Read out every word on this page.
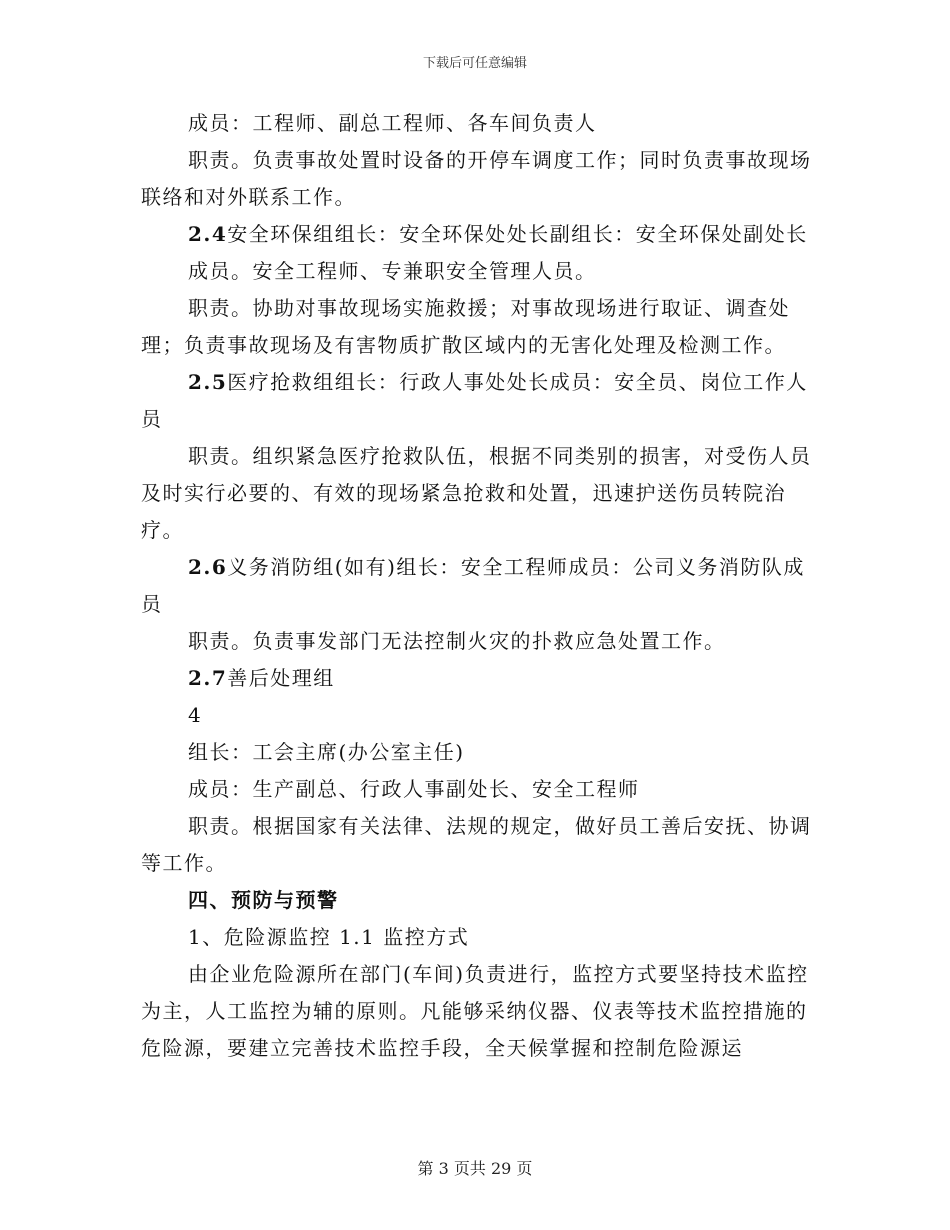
下载后可任意编辑

成员：工程师、副总工程师、各车间负责人

职责。负责事故处置时设备的开停车调度工作；同时负责事故现场联络和对外联系工作。

2.4安全环保组组长：安全环保处处长副组长：安全环保处副处长

成员。安全工程师、专兼职安全管理人员。

职责。协助对事故现场实施救援；对事故现场进行取证、调查处理；负责事故现场及有害物质扩散区域内的无害化处理及检测工作。

2.5医疗抢救组组长：行政人事处处长成员：安全员、岗位工作人员

职责。组织紧急医疗抢救队伍，根据不同类别的损害，对受伤人员及时实行必要的、有效的现场紧急抢救和处置，迅速护送伤员转院治疗。

2.6义务消防组(如有)组长：安全工程师成员：公司义务消防队成员

职责。负责事发部门无法控制火灾的扑救应急处置工作。

2.7善后处理组

4

组长：工会主席(办公室主任)

成员：生产副总、行政人事副处长、安全工程师

职责。根据国家有关法律、法规的规定，做好员工善后安抚、协调等工作。

四、预防与预警

1、危险源监控 1.1 监控方式

由企业危险源所在部门(车间)负责进行，监控方式要坚持技术监控为主，人工监控为辅的原则。凡能够采纳仪器、仪表等技术监控措施的危险源，要建立完善技术监控手段，全天候掌握和控制危险源运

第 3 页共 29 页
